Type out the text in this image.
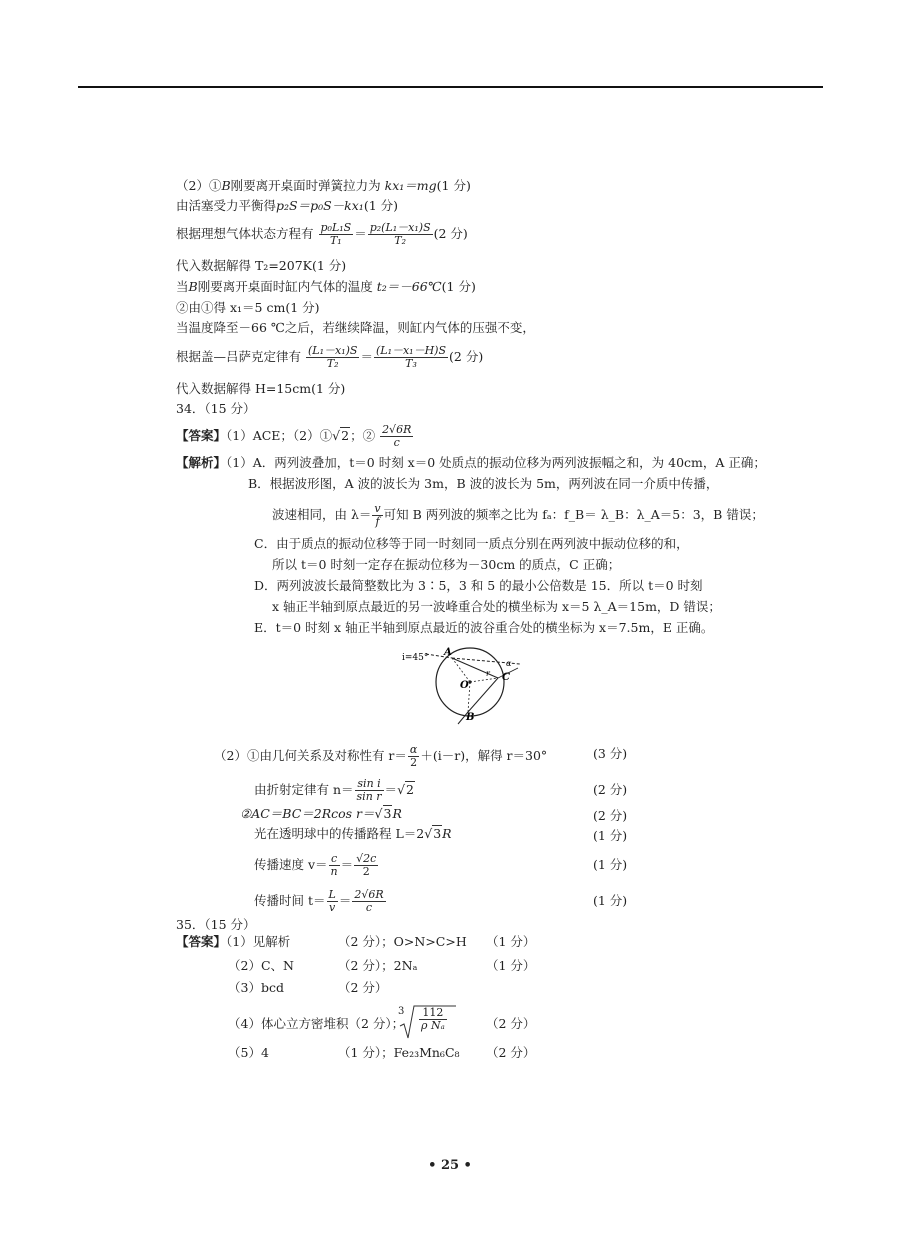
（2）①B刚要离开桌面时弹簧拉力为 kx₁＝mg(1 分)
由活塞受力平衡得p₂S＝p₀S－kx₁(1 分)
根据理想气体状态方程有 $\frac{\text{p₀L₁S}}{\text{T₁}} = \frac{\text{p₂(L₁－x₁)S}}{\text{T₂}} (2$ 分)
代入数据解得 T₂=207K(1 分)
当B刚要离开桌面时缸内气体的温度 t₂＝－66℃(1 分)
②由①得 x₁＝5 cm(1 分)
当温度降至－66 ℃之后，若继续降温，则缸内气体的压强不变，
根据盖—吕萨克定律有 $\frac{\text{(L₁－x₁)S}}{\text{T₂}} = \frac{\text{(L₁－x₁－H)S}}{\text{T₃}} (2$ 分)
代入数据解得 H=15cm(1 分)
34．（15 分）
【答案】（1）ACE；（2）①√2；② $\frac{2√6R}{c}$
【解析】（1）A．两列波叠加，t＝0 时刻 x＝0 处质点的振动位移为两列波振幅之和，为 40cm，A 正确；
B．根据波形图，A 波的波长为 3m，B 波的波长为 5m，两列波在同一介质中传播，
波速相同，由 $\lambda= \frac{v}{f}$ 可知 B 两列波的频率之比为 fₐ：f_B＝ λ_B：λ_A＝5：3，B 错误；
C．由于质点的振动位移等于同一时刻同一质点分别在两列波中振动位移的和，
所以 t＝0 时刻一定存在振动位移为－30cm 的质点，C 正确；
D．两列波波长最简整数比为 3∶5，3 和 5 的最小公倍数是 15．所以 t＝0 时刻
x 轴正半轴到原点最近的另一波峰重合处的横坐标为 x＝5 λ_A＝15m，D 错误；
E．t＝0 时刻 x 轴正半轴到原点最近的波谷重合处的横坐标为 x＝7.5m，E 正确。
i=45° A
O
C
B
r
α
（2）①由几何关系及对称性有 $r= \frac{\alpha}{2} +(i-r)$，解得 r＝30°	(3 分)
由折射定律有 $n= \frac{\text{sin i}}{\text{sin r}} =√2$	(2 分)
②AC＝BC＝2Rcos r＝√3R	(2 分)
光在透明球中的传播路程 L＝2√3R	(1 分)
传播速度 $v= \frac{c}{n} = \frac{√2c}{2}$	(1 分)
传播时间 $t= \frac{L}{v} = \frac{2√6R}{c}$	(1 分)
35．（15 分）
【答案】（1）见解析	（2 分）；O>N>C>H （1 分）
（2）C、N	（2 分）；2Nₐ	（1 分）
（3）bcd	（2 分）
（4）体心立方密堆积（2 分）；
3	112
ρ Nₐ	（2 分）
（5）4	（1 分）；Fe₂₃Mn₆C₈ （2 分）
• 25 •
